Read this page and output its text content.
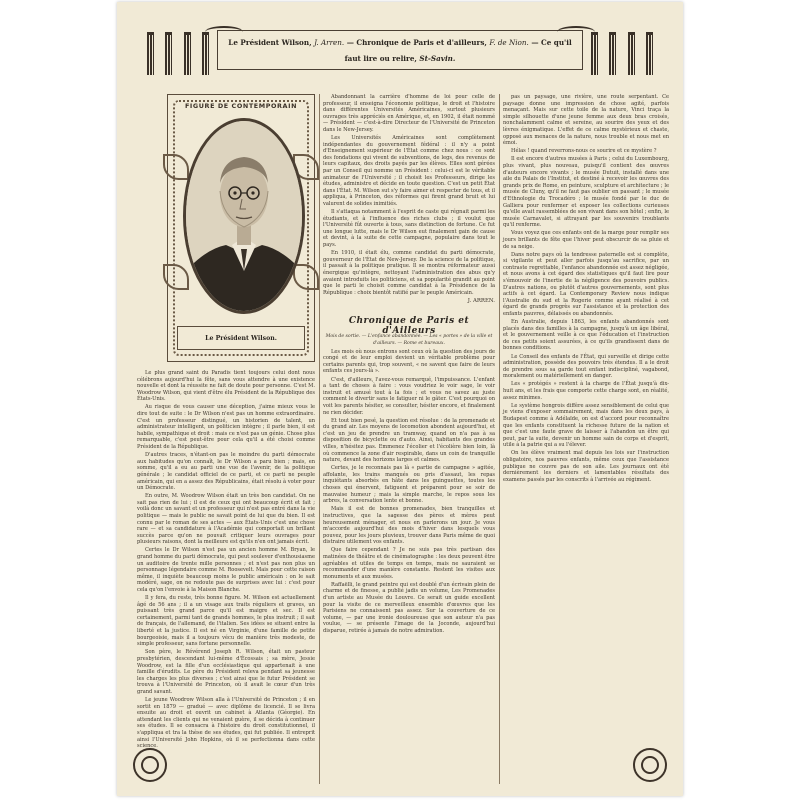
Le Président Wilson, J. Arren. — Chronique de Paris et d'ailleurs, F. de Nion. — Ce qu'il
faut lire ou relire, St-Savin.
FIGURE DE CONTEMPORAIN
Le Président Wilson.

Le plus grand saint du Paradis tient toujours celui dont nous célébrons aujourd'hui la fête, sans vous attendre à une existence nouvelle et dont la réussite ne fait de doute pour personne. C'est M. Woodrow Wilson, qui vient d'être élu Président de la République des États-Unis.

Au risque de vous causer une déception, j'aime mieux vous le dire tout de suite : le Dr Wilson n'est pas un homme extraordinaire. C'est un professeur distingué, un historien de talent, un administrateur intelligent, un politicien intègre ; il parle bien, il est habile, sympathique et droit : mais ce n'est pas un génie. Chose plus remarquable, c'est peut-être pour cela qu'il a été choisi comme Président de la République.

D'autres traces, n'étant-on pas le moindre du parti démocrate aux habitudes qu'on connaît, le Dr Wilson a paru bien ; mais, en somme, qu'il a eu au parti une vue de l'avenir, de la politique générale ; le candidat officiel de ce parti, et ce parti ne peuple américain, qui en a assez des Républicains, était résolu à voter pour un Démocrate.

En outre, M. Woodrow Wilson était un très bon candidat. On ne sait pas rien de lui ; il est de ceux qui ont beaucoup écrit et fait ; voilà donc un savant et un professeur qui n'est pas entré dans la vie politique — mais le public ne savait point de lui que du bien. Il est connu par le roman de ses actes — aux États-Unis c'est une chose rare — et sa candidature à l'Académie qui comportait un brillant succès parce qu'on ne pouvait critiquer leurs ouvrages pour plusieurs raisons, dont la meilleure est qu'ils n'en ont jamais écrit.

Certes le Dr Wilson n'est pas un ancien homme M. Bryan, le grand homme du parti démocrate, qui peut soulever d'enthousiasme un auditoire de trente mille personnes ; et n'est pas non plus un personnage légendaire comme M. Roosevelt. Mais pour cette raison même, il inquiète beaucoup moins le public américain : on le sait modéré, sage, on ne redoute pas de surprises avec lui : c'est pour cela qu'on l'envoie à la Maison Blanche.

Il y fera, du reste, très bonne figure. M. Wilson est actuellement âgé de 56 ans ; il a un visage aux traits réguliers et graves, un puissant très grand parce qu'il est maigre et sec. Il est certainement, parmi tant de grands hommes, le plus instruit ; il sait de français, de l'allemand, de l'italien. Ses idées se situent entre la liberté et la justice. Il est né en Virginie, d'une famille de petite bourgeoisie, mais il a toujours vécu de manière très modeste, de simple professeur, sans fortune personnelle.

Son père, le Révérend Joseph R. Wilson, était un pasteur presbytérien, descendant lui-même d'Écossais ; sa mère, Jessie Woodrow, est la fille d'un ecclésiastique qui appartenait à une famille d'érudits. Le père du Président releva pendant sa jeunesse les charges les plus diverses ; c'est ainsi que le futur Président se trouva à l'Université de Princeton, où il avait le cœur d'un très grand savant.

Le jeune Woodrow Wilson alla à l'Université de Princeton ; il en sortit en 1879 — gradué — avec diplôme de licencié. Il se livra ensuite au droit et ouvrit un cabinet à Atlanta (Géorgie). En attendant les clients qui ne venaient guère, il se décida à continuer ses études. Il se consacra à l'histoire du droit constitutionnel, il s'appliqua et tra la thèse de ses études, qui fut publiée. Il entreprit ainsi l'Université John Hopkins, où il se perfectionna dans cette science.

Abandonnant la carrière d'homme de loi pour celle de professeur, il enseigna l'économie politique, le droit et l'histoire dans différentes Universités Américaines, surtout plusieurs ouvrages très appréciés en Amérique, et, en 1902, il était nommé — Président — c'est-à-dire Directeur de l'Université de Princeton dans le New-Jersey.

Les Universités Américaines sont complètement indépendantes du gouvernement fédéral : il n'y a point d'Enseignement supérieur de l'État comme chez nous : ce sont des fondations qui vivent de subventions, de legs, des revenus de leurs capitaux, des droits payés par les élèves. Elles sont gérées par un Conseil qui nomme un Président : celui-ci est le véritable animateur de l'Université ; il choisit les Professeurs, dirige les études, administre et décide en toute question. C'est un petit État dans l'État. M. Wilson sut s'y faire aimer et respecter de tous, et il appliqua, à Princeton, des réformes qui firent grand bruit et lui valurent de solides inimitiés.

Il s'attaqua notamment à l'esprit de caste qui régnait parmi les étudiants, et à l'influence des riches clubs ; il voulut que l'Université fût ouverte à tous, sans distinction de fortune. Ce fut une longue lutte, mais le Dr Wilson eut finalement gain de cause et devint, à la suite de cette campagne, populaire dans tout le pays.

En 1910, il était élu, comme candidat du parti démocrate, gouverneur de l'État de New-Jersey. De la science de la politique, il passait à la politique pratique. Il se montra réformateur aussi énergique qu'intègre, nettoyant l'administration des abus qu'y avaient introduits les politiciens, et sa popularité grandit au point que le parti le choisit comme candidat à la Présidence de la République : choix bientôt ratifié par le peuple Américain.

J. ARREN.
Chronique de Paris et d'Ailleurs

Mois de sortie. — L'enfance abandonnée. — Les « portes » de la ville et d'ailleurs. — Rome et bureaux.

Les mois où nous entrons sont ceux où la question des jours de congé et de leur emploi devient un véritable problème pour certains parents qui, trop souvent, « ne savent que faire de leurs enfants ces jours-là ».

C'est, d'ailleurs, l'avez-vous remarqué, l'impuissance. L'enfant a tant de choses à faire : vous voudriez le voir sage, le voir instruit et amusé tout à la fois ; et vous ne savez au juste comment le divertir sans le fatiguer ni le gâter. C'est pourquoi on voit les parents hésiter, se consulter, hésiter encore, et finalement ne rien décider.

Et tout bien pesé, la question est résolue : de la promenade et du grand air. Les moyens de locomotion abondent aujourd'hui, et c'est un jeu de prendre un tramway, quand on n'a pas à sa disposition de bicyclette ou d'auto. Ainsi, habitants des grandes villes, n'hésitez pas. Emmenez l'écolier et l'écolière bien loin, là où commence la zone d'air respirable, dans un coin de tranquille nature, devant des horizons larges et calmes.

Certes, je le reconnais pas là « partie de campagne » agitée, affolante, les trains manqués ou pris d'assaut, les repas inquiétants absorbés en hâte dans les guinguettes, toutes les choses qui énervent, fatiguent et préparent pour se soir de mauvaise humeur ; mais la simple marche, le repos sous les arbres, la conversation lente et bonne.

Mais il est de bonnes promenades, bien tranquilles et instructives, que la sagesse des pères et mères peut heureusement ménager, et nous en parlerons un jour. Je vous m'accorde aujourd'hui des mois d'hiver dans lesquels vous pouvez, pour les jours pluvieux, trouver dans Paris même de quoi distraire utilement vos enfants.

Que faire cependant ? Je ne suis pas très partisan des matinées de théâtre et de cinématographe : les deux peuvent être agréables et utiles de temps en temps, mais ne sauraient se recommander d'une manière constante. Restent les visites aux monuments et aux musées.

Raffaëlli, le grand peintre qui est doublé d'un écrivain plein de charme et de finesse, a publié jadis un volume, Les Promenades d'un artiste au Musée du Louvre. Ce serait un guide excellent pour la visite de ce merveilleux ensemble d'œuvres que les Parisiens ne connaissent pas assez. Sur la couverture de ce volume, — par une ironie douloureuse que son auteur n'a pas voulue, — se présente l'image de la Joconde, aujourd'hui disparue, retirée à jamais de notre admiration.

pas un paysage, une rivière, une route serpentant. Ce paysage donne une impression de chose agité, parfois menaçant. Mais sur cette toile de la nature, Vinci traça la simple silhouette d'une jeune femme aux deux bras croisés, nonchalamment calme et sereine, au sourire des yeux et des lèvres énigmatique. L'effet de ce calme mystérieux et chaste, opposé aux menaces de la nature, nous trouble et nous met en émoi.

Hélas ! quand reverrons-nous ce sourire et ce mystère ?

Il est encore d'autres musées à Paris ; celui du Luxembourg, plus vivant, plus nouveau, puisqu'il contient des œuvres d'auteurs encore vivants ; le musée Dutuit, installé dans une aile du Palais de l'Institut, et destiné à recevoir les œuvres des grands prix de Rome, en peinture, sculpture et architecture ; le musée de Cluny, qu'il ne faut pas oublier en passant ; le musée d'Ethnologie du Trocadéro ; le musée fondé par le duc de Galliera pour renfermer et exposer les collections curieuses qu'elle avait rassemblées de son vivant dans son hôtel ; enfin, le musée Carnavalet, si attrayant par les souvenirs troublants qu'il renferme.

Vous voyez que ces enfants ont de la marge pour remplir ses jours brillants de fête que l'hiver peut obscurcir de sa pluie et de sa neige.

Dans notre pays où la tendresse paternelle est si complète, si vigilante et peut aller parfois jusqu'au sacrifice, par un contraste regrettable, l'enfance abandonnée est assez négligée, et nous avons à cet égard des statistiques qu'il faut lire pour s'émouvoir de l'inertie de la négligence des pouvoirs publics. D'autres nations, ou plutôt d'autres gouvernements, sont plus actifs à cet égard. La Contemporary Review nous indique l'Australie du sud et la Rogerie comme ayant réalisé à cet égard de grands progrès sur l'assistance et la protection des enfants pauvres, délaissés ou abandonnés.

En Australie, depuis 1863, les enfants abandonnés sont placés dans des familles à la campagne, jusqu'à un âge libéral, et le gouvernement veille à ce que l'éducation et l'instruction de ces petits soient assurées, à ce qu'ils grandissent dans de bonnes conditions.

Le Conseil des enfants de l'État, qui surveille et dirige cette administration, possède des pouvoirs très étendus. Il a le droit de prendre sous sa garde tout enfant indiscipliné, vagabond, moralement ou matériellement en danger.

Les « protégés » restent à la charge de l'État jusqu'à dix-huit ans, et les frais que comporte cette charge sont, en réalité, assez minimes.

Le système hongrois diffère assez sensiblement de celui que je viens d'exposer sommairement, mais dans les deux pays, à Budapest comme à Adélaïde, on est d'accord pour reconnaître que les enfants constituent la richesse future de la nation et que c'est une faute grave de laisser à l'abandon un être qui peut, par la suite, devenir un homme sain de corps et d'esprit, utile à la patrie qui a su l'élever.

On les élève vraiment mal depuis les lois sur l'instruction obligatoire, nos pauvres enfants, même ceux que l'assistance publique ne couvre pas de son aile. Les journaux ont été dernièrement les derniers et lamentables résultats des examens passés par les conscrits à l'arrivée au régiment.
